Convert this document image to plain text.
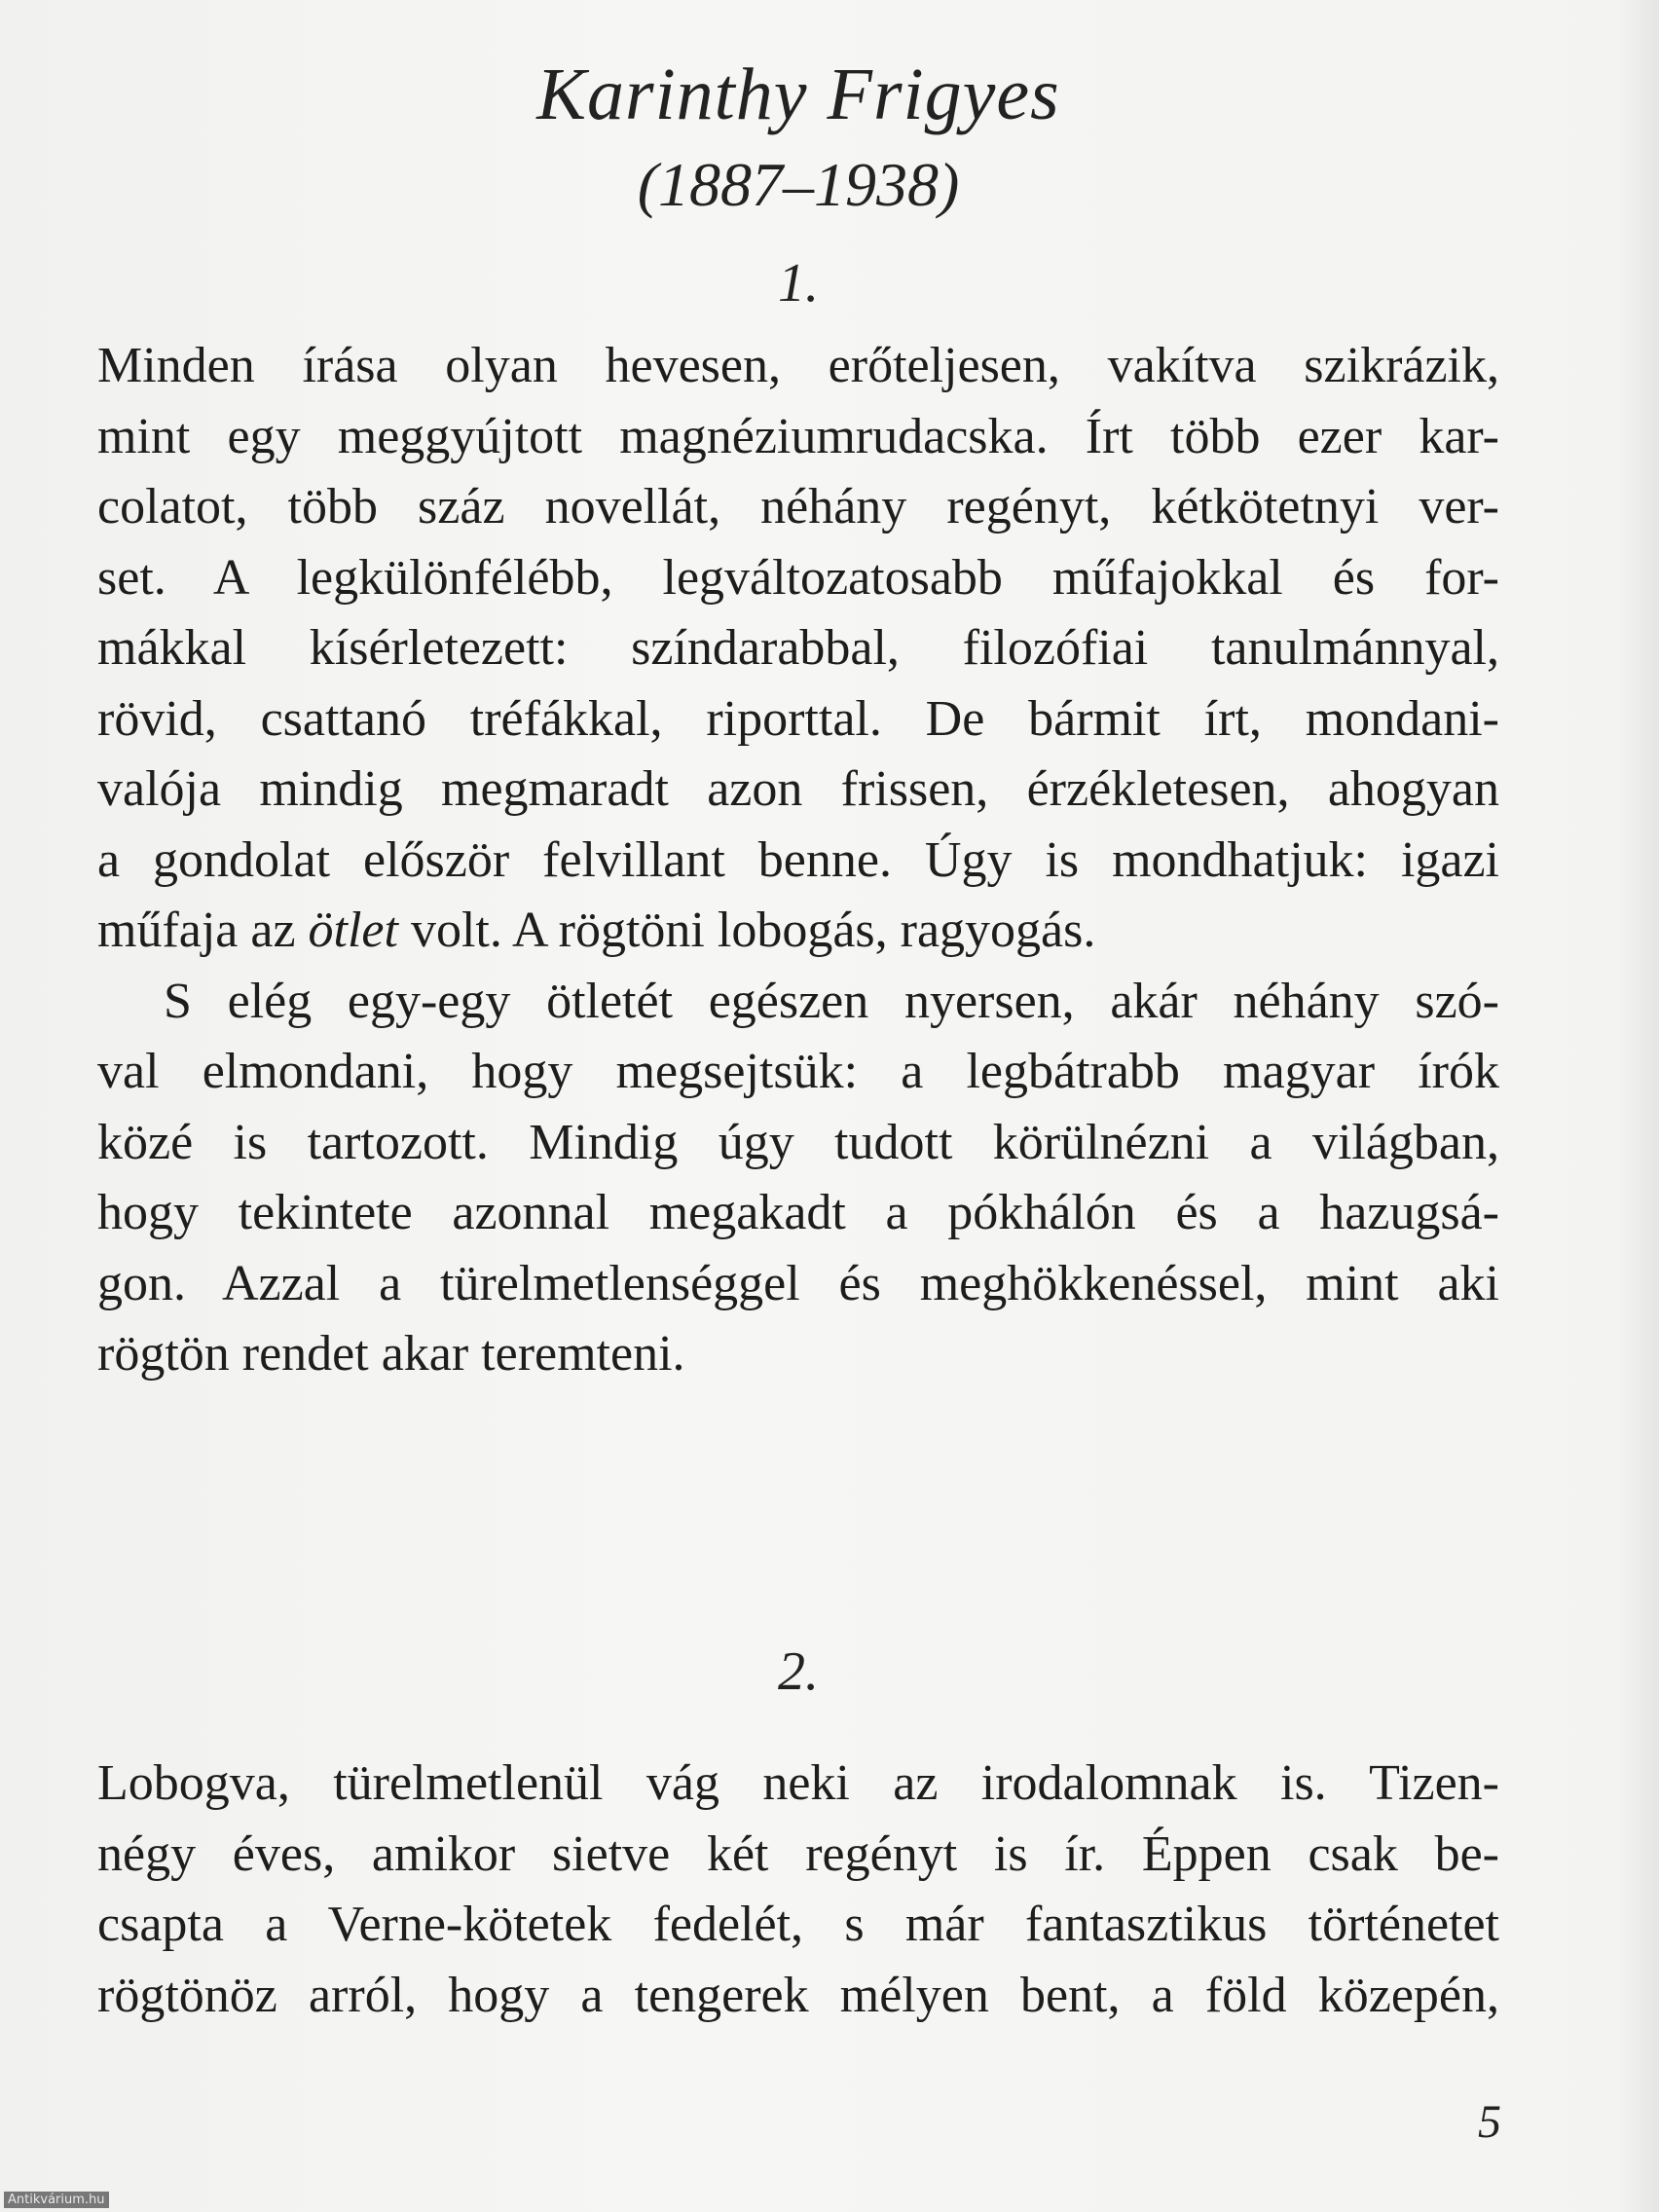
Karinthy Frigyes
(1887–1938)
1.
Minden írása olyan hevesen, erőteljesen, vakítva szikrázik,
mint egy meggyújtott magnéziumrudacska. Írt több ezer kar-
colatot, több száz novellát, néhány regényt, kétkötetnyi ver-
set. A legkülönfélébb, legváltozatosabb műfajokkal és for-
mákkal kísérletezett: színdarabbal, filozófiai tanulmánnyal,
rövid, csattanó tréfákkal, riporttal. De bármit írt, mondani-
valója mindig megmaradt azon frissen, érzékletesen, ahogyan
a gondolat először felvillant benne. Úgy is mondhatjuk: igazi
műfaja az ötlet volt. A rögtöni lobogás, ragyogás.
S elég egy-egy ötletét egészen nyersen, akár néhány szó-
val elmondani, hogy megsejtsük: a legbátrabb magyar írók
közé is tartozott. Mindig úgy tudott körülnézni a világban,
hogy tekintete azonnal megakadt a pókhálón és a hazugsá-
gon. Azzal a türelmetlenséggel és meghökkenéssel, mint aki
rögtön rendet akar teremteni.
2.
Lobogva, türelmetlenül vág neki az irodalomnak is. Tizen-
négy éves, amikor sietve két regényt is ír. Éppen csak be-
csapta a Verne-kötetek fedelét, s már fantasztikus történetet
rögtönöz arról, hogy a tengerek mélyen bent, a föld közepén,
5
Antikvárium.hu
